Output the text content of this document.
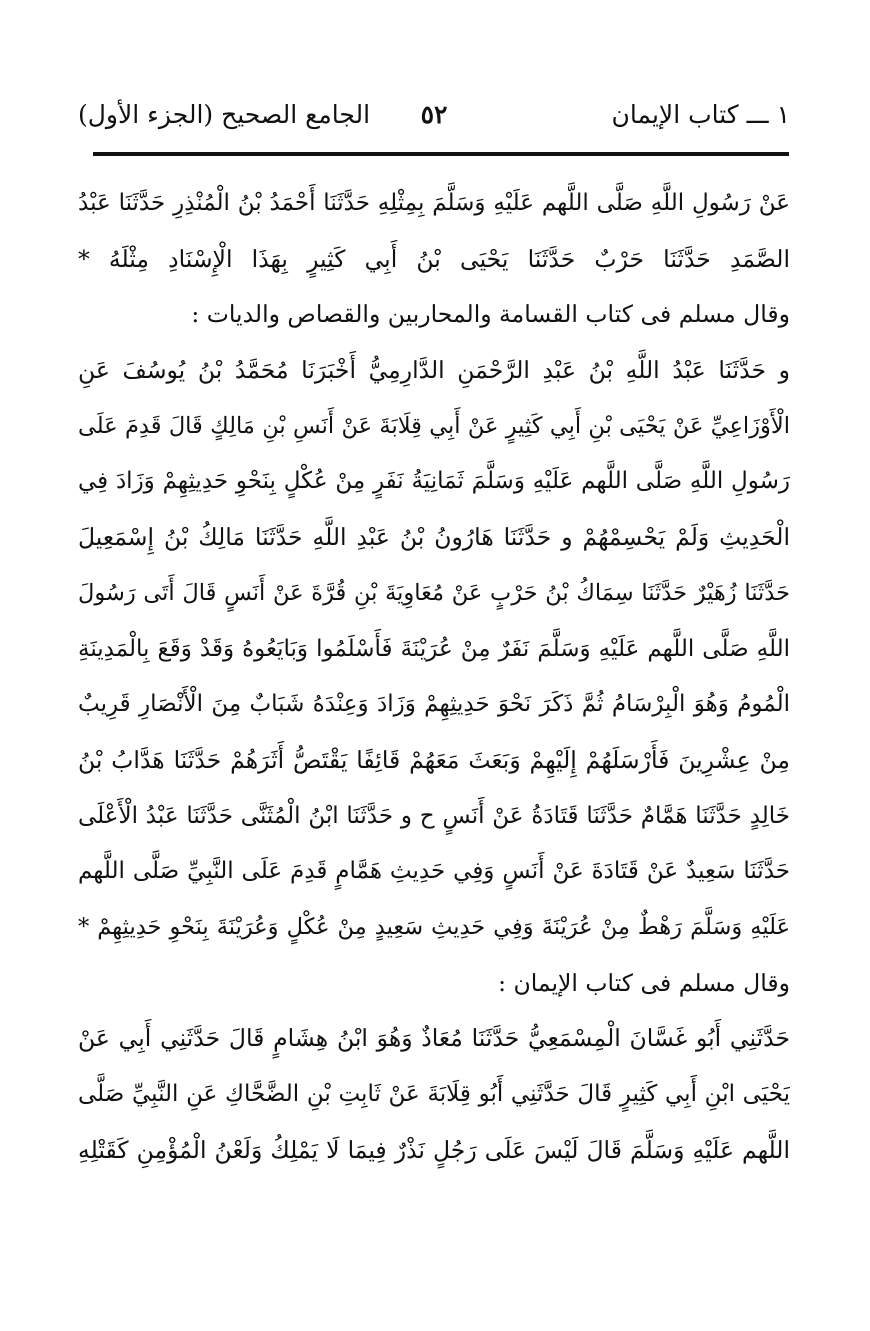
١ ـــ كتاب الإيمان
٥٢
الجامع الصحيح (الجزء الأول)
عَنْ رَسُولِ اللَّهِ صَلَّى اللَّهم عَلَيْهِ وَسَلَّمَ بِمِثْلِهِ حَدَّثَنَا أَحْمَدُ بْنُ الْمُنْذِرِ حَدَّثَنَا عَبْدُ
الصَّمَدِ حَدَّثَنَا حَرْبٌ حَدَّثَنَا يَحْيَى بْنُ أَبِي كَثِيرٍ بِهَذَا الْإِسْنَادِ مِثْلَهُ *
وقال مسلم فى كتاب القسامة والمحاربين والقصاص والديات :
و حَدَّثَنَا عَبْدُ اللَّهِ بْنُ عَبْدِ الرَّحْمَنِ الدَّارِمِيُّ أَخْبَرَنَا مُحَمَّدُ بْنُ يُوسُفَ عَنِ
الْأَوْزَاعِيِّ عَنْ يَحْيَى بْنِ أَبِي كَثِيرٍ عَنْ أَبِي قِلَابَةَ عَنْ أَنَسِ بْنِ مَالِكٍ قَالَ قَدِمَ عَلَى
رَسُولِ اللَّهِ صَلَّى اللَّهم عَلَيْهِ وَسَلَّمَ ثَمَانِيَةُ نَفَرٍ مِنْ عُكْلٍ بِنَحْوِ حَدِيثِهِمْ وَزَادَ فِي
الْحَدِيثِ وَلَمْ يَحْسِمْهُمْ و حَدَّثَنَا هَارُونُ بْنُ عَبْدِ اللَّهِ حَدَّثَنَا مَالِكُ بْنُ إِسْمَعِيلَ
حَدَّثَنَا زُهَيْرٌ حَدَّثَنَا سِمَاكُ بْنُ حَرْبٍ عَنْ مُعَاوِيَةَ بْنِ قُرَّةَ عَنْ أَنَسٍ قَالَ أَتَى رَسُولَ
اللَّهِ صَلَّى اللَّهم عَلَيْهِ وَسَلَّمَ نَفَرٌ مِنْ عُرَيْنَةَ فَأَسْلَمُوا وَبَايَعُوهُ وَقَدْ وَقَعَ بِالْمَدِينَةِ
الْمُومُ وَهُوَ الْبِرْسَامُ ثُمَّ ذَكَرَ نَحْوَ حَدِيثِهِمْ وَزَادَ وَعِنْدَهُ شَبَابٌ مِنَ الْأَنْصَارِ قَرِيبٌ
مِنْ عِشْرِينَ فَأَرْسَلَهُمْ إِلَيْهِمْ وَبَعَثَ مَعَهُمْ قَائِفًا يَقْتَصُّ أَثَرَهُمْ حَدَّثَنَا هَدَّابُ بْنُ
خَالِدٍ حَدَّثَنَا هَمَّامٌ حَدَّثَنَا قَتَادَةُ عَنْ أَنَسٍ ح و حَدَّثَنَا ابْنُ الْمُثَنَّى حَدَّثَنَا عَبْدُ الْأَعْلَى
حَدَّثَنَا سَعِيدٌ عَنْ قَتَادَةَ عَنْ أَنَسٍ وَفِي حَدِيثِ هَمَّامٍ قَدِمَ عَلَى النَّبِيِّ صَلَّى اللَّهم
عَلَيْهِ وَسَلَّمَ رَهْطٌ مِنْ عُرَيْنَةَ وَفِي حَدِيثِ سَعِيدٍ مِنْ عُكْلٍ وَعُرَيْنَةَ بِنَحْوِ حَدِيثِهِمْ *
وقال مسلم فى كتاب الإيمان :
حَدَّثَنِي أَبُو غَسَّانَ الْمِسْمَعِيُّ حَدَّثَنَا مُعَاذٌ وَهُوَ ابْنُ هِشَامٍ قَالَ حَدَّثَنِي أَبِي عَنْ
يَحْيَى ابْنِ أَبِي كَثِيرٍ قَالَ حَدَّثَنِي أَبُو قِلَابَةَ عَنْ ثَابِتِ بْنِ الضَّحَّاكِ عَنِ النَّبِيِّ صَلَّى
اللَّهم عَلَيْهِ وَسَلَّمَ قَالَ لَيْسَ عَلَى رَجُلٍ نَذْرٌ فِيمَا لَا يَمْلِكُ وَلَعْنُ الْمُؤْمِنِ كَقَتْلِهِ
